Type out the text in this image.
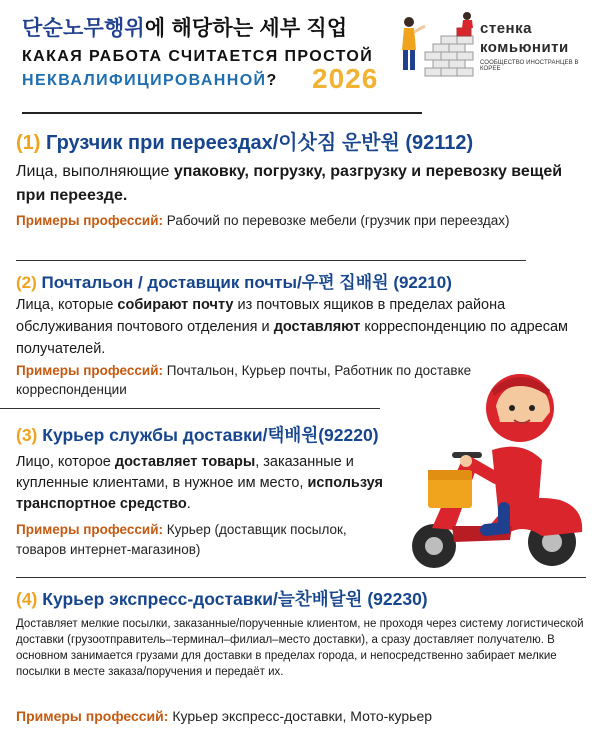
단순노무행위에 해당하는 세부 직업
КАКАЯ РАБОТА СЧИТАЕТСЯ ПРОСТОЙ
НЕКВАЛИФИЦИРОВАННОЙ? 2026
стенка
комьюнити
СООБЩЕСТВО ИНОСТРАНЦЕВ В КОРЕЕ
(1) Грузчик при переездах/이삿짐 운반원 (92112)
Лица, выполняющие упаковку, погрузку, разгрузку и перевозку вещей при переезде.
Примеры профессий: Рабочий по перевозке мебели (грузчик при переездах)
(2) Почтальон / доставщик почты/우편 집배원 (92210)
Лица, которые собирают почту из почтовых ящиков в пределах района обслуживания почтового отделения и доставляют корреспонденцию по адресам получателей.
Примеры профессий: Почтальон, Курьер почты, Работник по доставке корреспонденции
(3) Курьер службы доставки/택배원(92220)
Лицо, которое доставляет товары, заказанные и купленные клиентами, в нужное им место, используя транспортное средство.
Примеры профессий: Курьер (доставщик посылок, товаров интернет-магазинов)
(4) Курьер экспресс-доставки/늘찬배달원 (92230)
Доставляет мелкие посылки, заказанные/порученные клиентом, не проходя через систему логистической доставки (грузоотправитель–терминал–филиал–место доставки), а сразу доставляет получателю. В основном занимается грузами для доставки в пределах города, и непосредственно забирает мелкие посылки в месте заказа/поручения и передаёт их.
Примеры профессий: Курьер экспресс-доставки, Мото-курьер
